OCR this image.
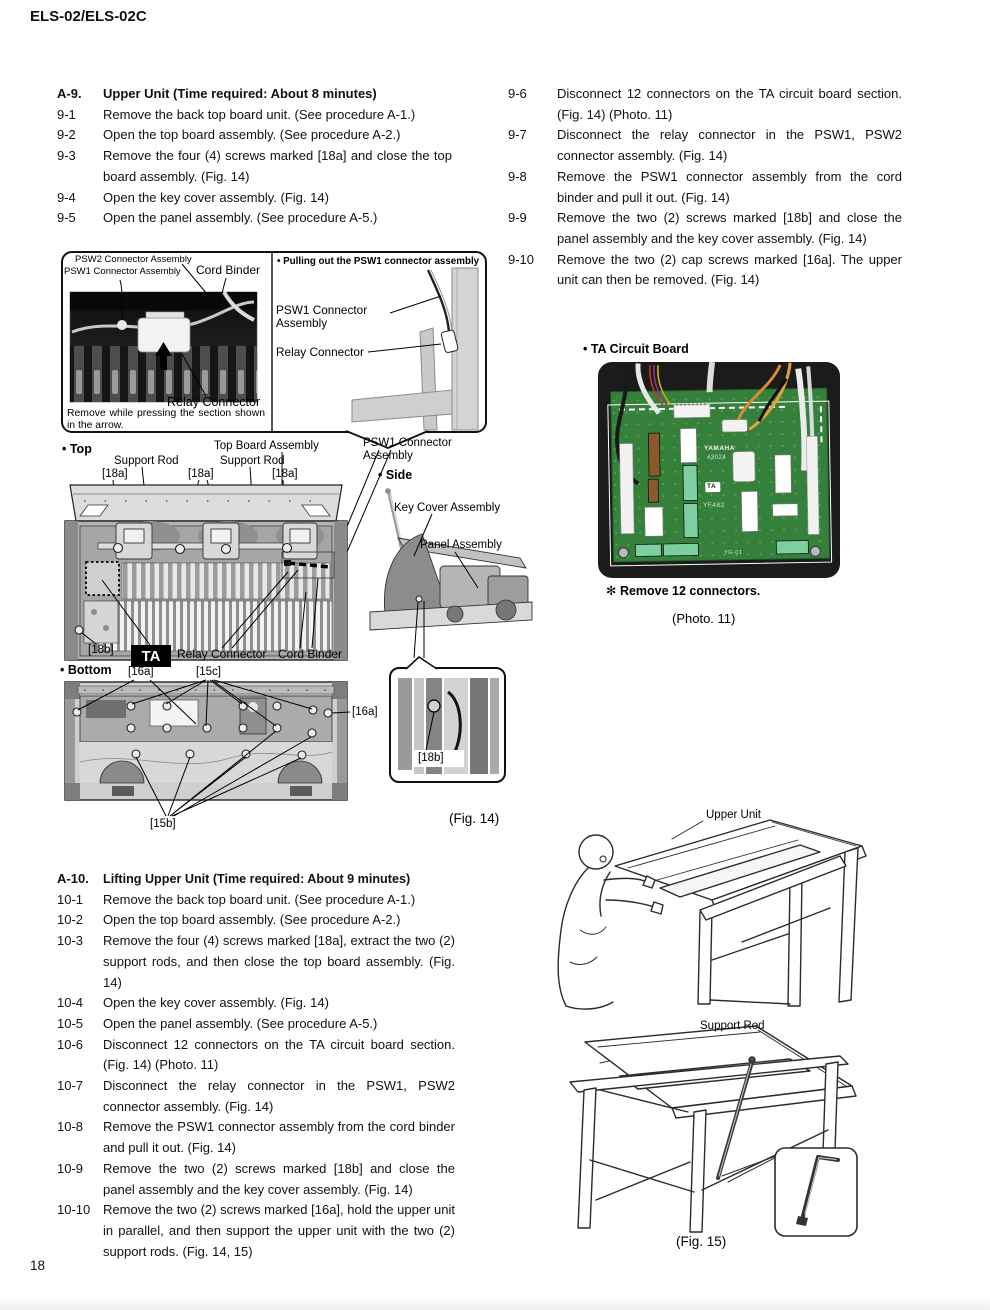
ELS-02/ELS-02C
18
A-9.	Upper Unit (Time required: About 8 minutes)
9-1	Remove the back top board unit. (See procedure A-1.)
9-2	Open the top board assembly. (See procedure A-2.)
9-3	Remove the four (4) screws marked [18a] and close the top board assembly. (Fig. 14)
9-4	Open the key cover assembly. (Fig. 14)
9-5	Open the panel assembly. (See procedure A-5.)
9-6	Disconnect 12 connectors on the TA circuit board section.(Fig. 14) (Photo. 11)
9-7	Disconnect the relay connector in the PSW1, PSW2 connector assembly. (Fig. 14)
9-8	Remove the PSW1 connector assembly from the cord binder and pull it out. (Fig. 14)
9-9	Remove the two (2) screws marked [18b] and close the panel assembly and the key cover assembly. (Fig. 14)
9-10	Remove the two (2) cap screws marked [16a]. The upper unit can then be removed. (Fig. 14)
A-10.	Lifting Upper Unit (Time required: About 9 minutes)
10-1	Remove the back top board unit. (See procedure A-1.)
10-2	Open the top board assembly. (See procedure A-2.)
10-3	Remove the four (4) screws marked [18a], extract the two (2) support rods, and then close the top board assembly. (Fig. 14)
10-4	Open the key cover assembly. (Fig. 14)
10-5	Open the panel assembly. (See procedure A-5.)
10-6	Disconnect 12 connectors on the TA circuit board section. (Fig. 14) (Photo. 11)
10-7	Disconnect the relay connector in the PSW1, PSW2 connector assembly. (Fig. 14)
10-8	Remove the PSW1 connector assembly from the cord binder and pull it out. (Fig. 14)
10-9	Remove the two (2) screws marked [18b] and close the panel assembly and the key cover assembly. (Fig. 14)
10-10 Remove the two (2) screws marked [16a], hold the upper unit in parallel, and then support the upper unit with the two (2) support rods. (Fig. 14, 15)
PSW2 Connector Assembly
PSW1 Connector Assembly Cord Binder
Relay Connector
Remove while pressing the section shown in the arrow.
• Pulling out the PSW1 connector assembly
PSW1 Connector Assembly
Relay Connector
• Top	Top Board Assembly
Support Rod	Support Rod
[18a]	[18a]	[18a]
PSW1 Connector Assembly
• Side
Key Cover Assembly
Panel Assembly
[18b]	TA	Relay Connector Cord Binder
• Bottom [16a]	[15c]
[16a]
[15b]
[18b]
(Fig. 14)
• TA Circuit Board
YAMAHA
#3024
TA
YF482
YG-01
✻ Remove 12 connectors.
(Photo. 11)
Upper Unit
Support Rod
(Fig. 15)
